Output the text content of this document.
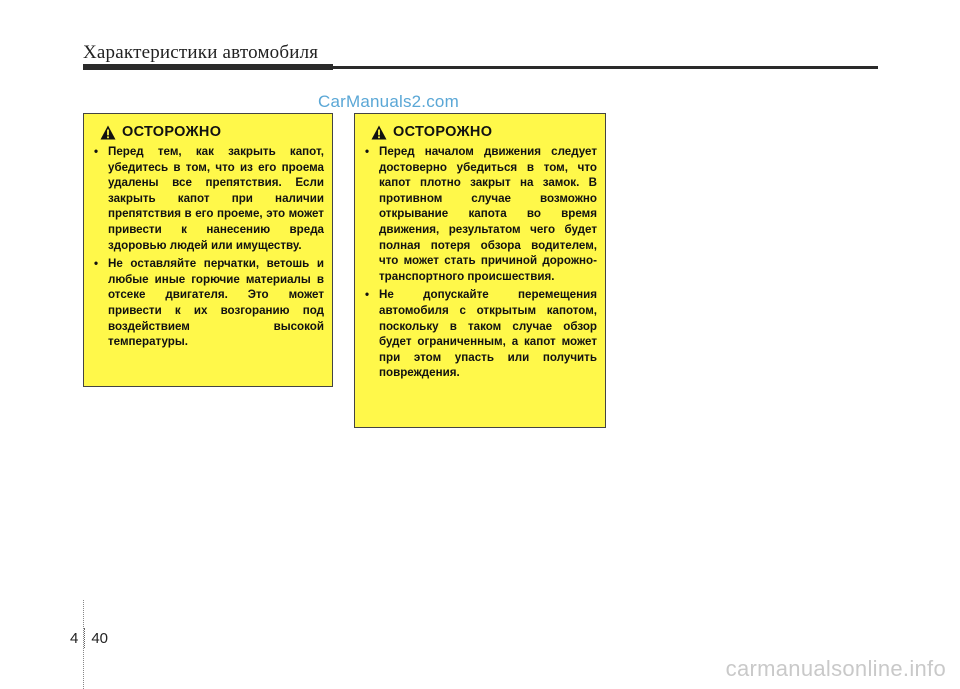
Характеристики автомобиля
CarManuals2.com
ОСТОРОЖНО
• Перед тем, как закрыть капот, убедитесь в том, что из его проема удалены все препятствия. Если закрыть капот при наличии препятствия в его проеме, это может привести к нанесению вреда здоровью людей или имуществу.
• Не оставляйте перчатки, ветошь и любые иные горючие материалы в отсеке двигателя. Это может привести к их возгоранию под воздействием высокой температуры.
ОСТОРОЖНО
• Перед началом движения следует достоверно убедиться в том, что капот плотно закрыт на замок. В противном случае возможно открывание капота во время движения, результатом чего будет полная потеря обзора водителем, что может стать причиной дорожно-транспортного происшествия.
• Не допускайте перемещения автомобиля с открытым капотом, поскольку в таком случае обзор будет ограниченным, а капот может при этом упасть или получить повреждения.
4 40
carmanualsonline.info
